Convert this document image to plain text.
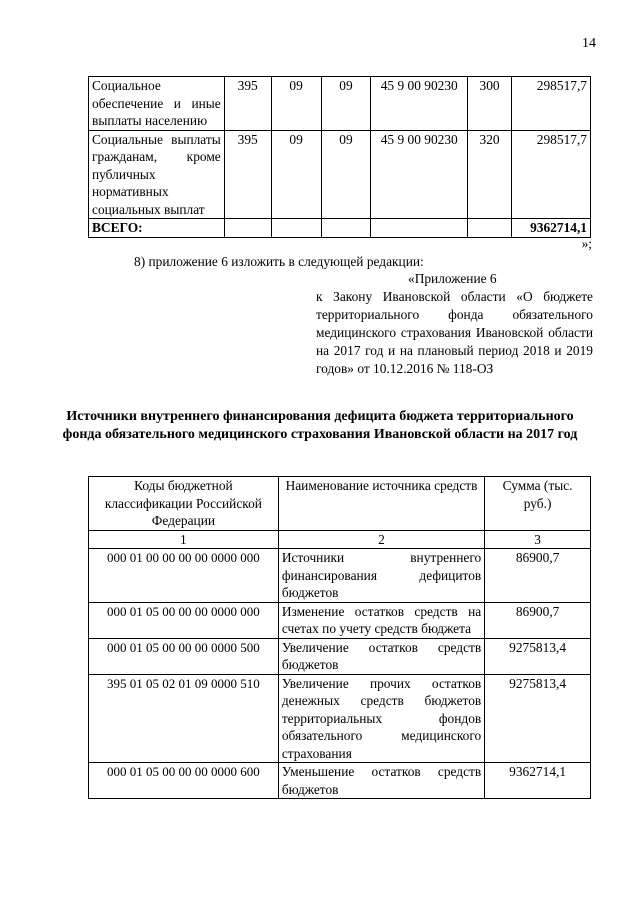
14
Социальное обеспечение и иные выплаты населению	395	09	09	45 9 00 90230	300	298517,7
Социальные выплаты гражданам, кроме публичных нормативных социальных выплат	395	09	09	45 9 00 90230	320	298517,7
ВСЕГО:						9362714,1
»;
8) приложение 6 изложить в следующей редакции:
«Приложение 6
к Закону Ивановской области «О бюджете территориального фонда обязательного медицинского страхования Ивановской области на 2017 год и на плановый период 2018 и 2019 годов» от 10.12.2016 № 118-ОЗ
Источники внутреннего финансирования дефицита бюджета территориального фонда обязательного медицинского страхования Ивановской области на 2017 год
Коды бюджетной классификации Российской Федерации	Наименование источника средств	Сумма (тыс. руб.)
1	2	3
000 01 00 00 00 00 0000 000	Источники внутреннего финансирования дефицитов бюджетов	86900,7
000 01 05 00 00 00 0000 000	Изменение остатков средств на счетах по учету средств бюджета	86900,7
000 01 05 00 00 00 0000 500	Увеличение остатков средств бюджетов	9275813,4
395 01 05 02 01 09 0000 510	Увеличение прочих остатков денежных средств бюджетов территориальных фондов обязательного медицинского страхования	9275813,4
000 01 05 00 00 00 0000 600	Уменьшение остатков средств бюджетов	9362714,1
